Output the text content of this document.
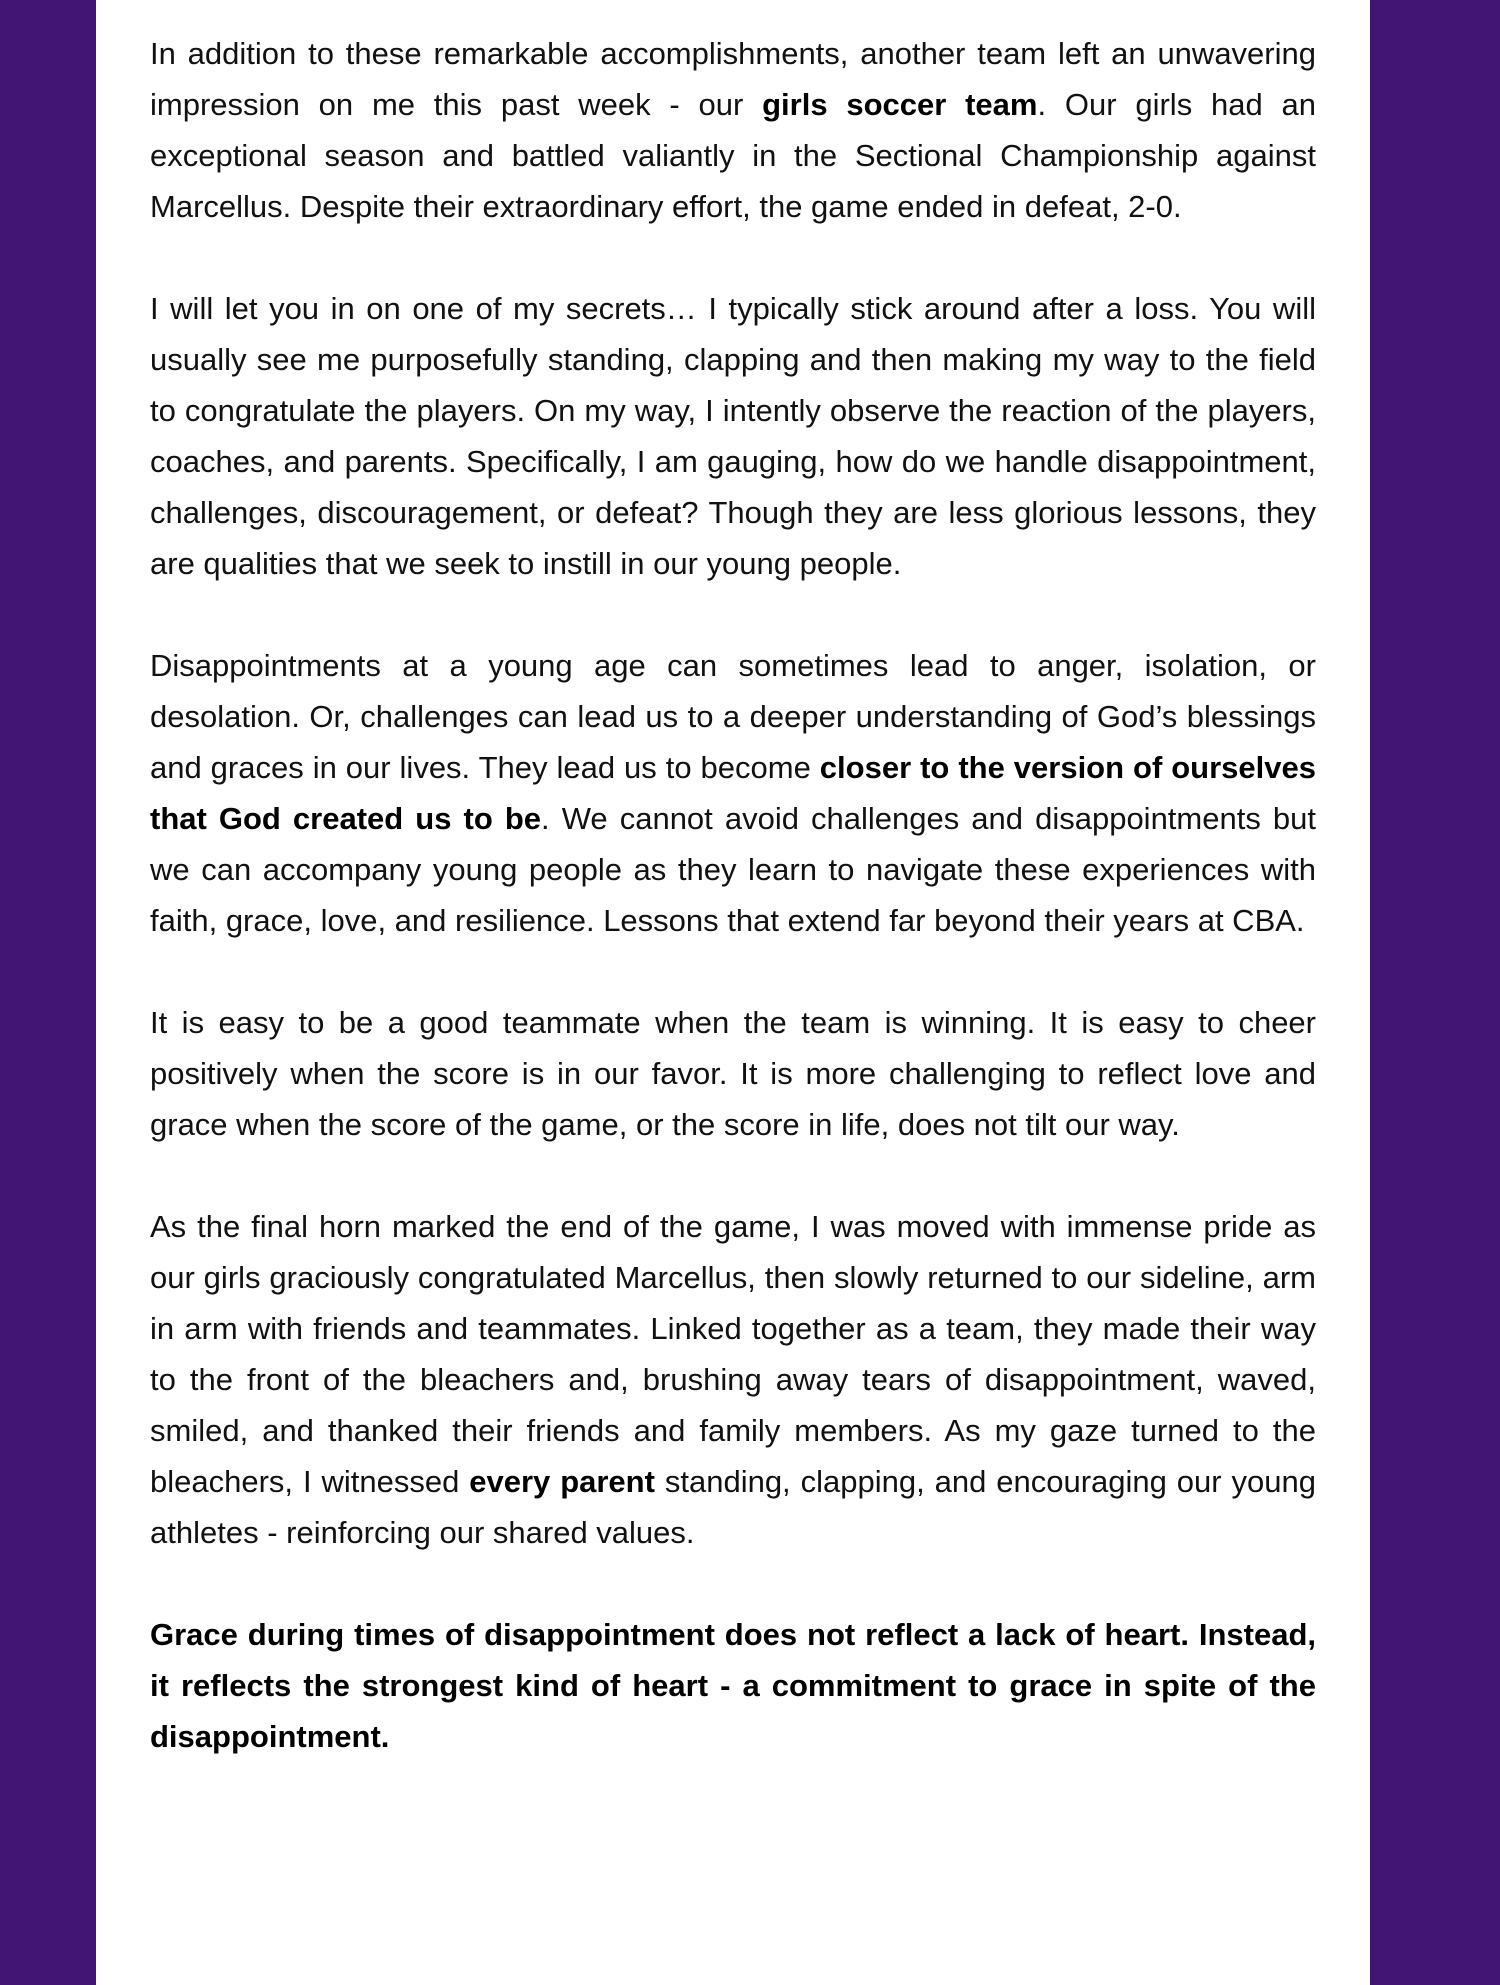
In addition to these remarkable accomplishments, another team left an unwavering impression on me this past week - our girls soccer team. Our girls had an exceptional season and battled valiantly in the Sectional Championship against Marcellus. Despite their extraordinary effort, the game ended in defeat, 2-0.

I will let you in on one of my secrets… I typically stick around after a loss. You will usually see me purposefully standing, clapping and then making my way to the field to congratulate the players. On my way, I intently observe the reaction of the players, coaches, and parents. Specifically, I am gauging, how do we handle disappointment, challenges, discouragement, or defeat? Though they are less glorious lessons, they are qualities that we seek to instill in our young people.

Disappointments at a young age can sometimes lead to anger, isolation, or desolation. Or, challenges can lead us to a deeper understanding of God’s blessings and graces in our lives. They lead us to become closer to the version of ourselves that God created us to be. We cannot avoid challenges and disappointments but we can accompany young people as they learn to navigate these experiences with faith, grace, love, and resilience. Lessons that extend far beyond their years at CBA.

It is easy to be a good teammate when the team is winning. It is easy to cheer positively when the score is in our favor. It is more challenging to reflect love and grace when the score of the game, or the score in life, does not tilt our way.

As the final horn marked the end of the game, I was moved with immense pride as our girls graciously congratulated Marcellus, then slowly returned to our sideline, arm in arm with friends and teammates. Linked together as a team, they made their way to the front of the bleachers and, brushing away tears of disappointment, waved, smiled, and thanked their friends and family members. As my gaze turned to the bleachers, I witnessed every parent standing, clapping, and encouraging our young athletes - reinforcing our shared values.

Grace during times of disappointment does not reflect a lack of heart. Instead, it reflects the strongest kind of heart - a commitment to grace in spite of the disappointment.
